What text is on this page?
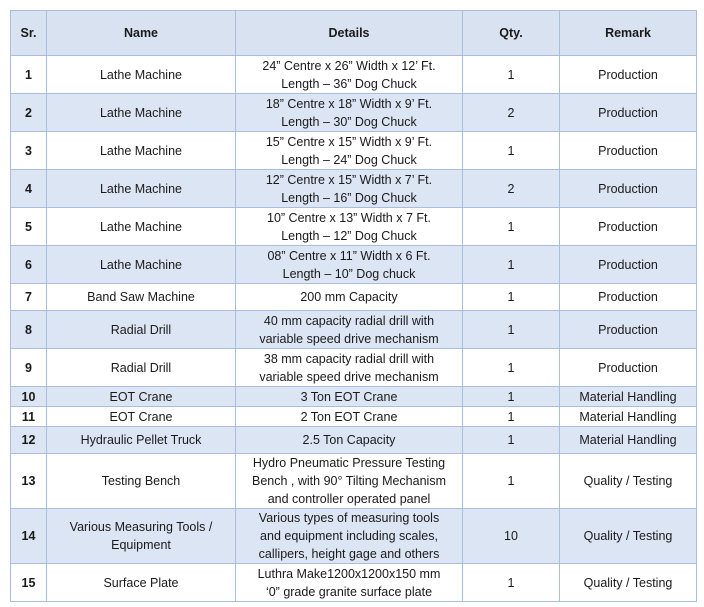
Sr.	Name	Details	Qty.	Remark
1	Lathe Machine	24” Centre x 26” Width x 12’ Ft.
Length – 36” Dog Chuck	1	Production
2	Lathe Machine	18” Centre x 18” Width x 9’ Ft.
Length – 30” Dog Chuck	2	Production
3	Lathe Machine	15” Centre x 15” Width x 9’ Ft.
Length – 24” Dog Chuck	1	Production
4	Lathe Machine	12” Centre x 15” Width x 7’ Ft.
Length – 16” Dog Chuck	2	Production
5	Lathe Machine	10” Centre x 13” Width x 7 Ft.
Length – 12” Dog Chuck	1	Production
6	Lathe Machine	08” Centre x 11” Width x 6 Ft.
Length – 10” Dog chuck	1	Production
7	Band Saw Machine	200 mm Capacity	1	Production
8	Radial Drill	40 mm capacity radial drill with
variable speed drive mechanism	1	Production
9	Radial Drill	38 mm capacity radial drill with
variable speed drive mechanism	1	Production
10	EOT Crane	3 Ton EOT Crane	1	Material Handling
11	EOT Crane	2 Ton EOT Crane	1	Material Handling
12	Hydraulic Pellet Truck	2.5 Ton Capacity	1	Material Handling
13	Testing Bench	Hydro Pneumatic Pressure Testing
Bench , with 90° Tilting Mechanism
and controller operated panel	1	Quality / Testing
14	Various Measuring Tools /
Equipment	Various types of measuring tools
and equipment including scales,
callipers, height gage and others	10	Quality / Testing
15	Surface Plate	Luthra Make1200x1200x150 mm
‘0” grade granite surface plate	1	Quality / Testing
